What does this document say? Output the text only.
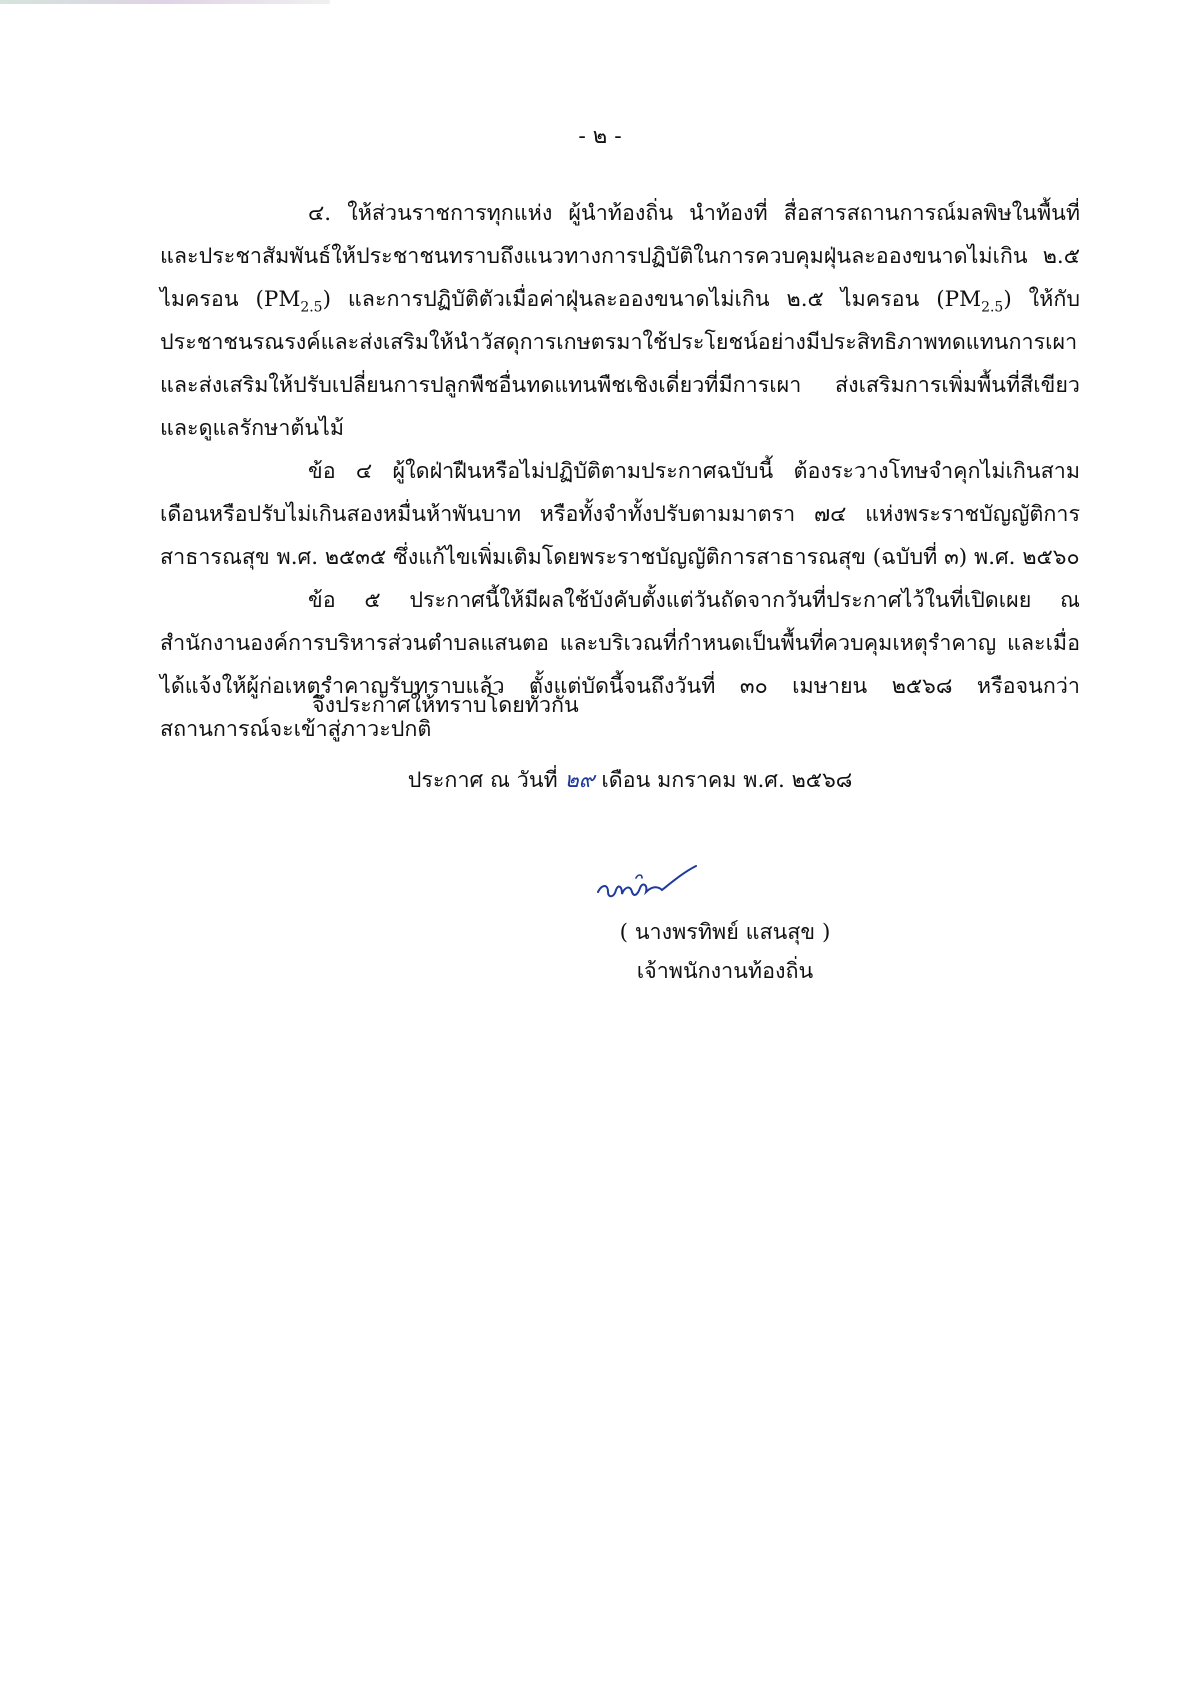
- ๒ -

๔. ให้ส่วนราชการทุกแห่ง ผู้นำท้องถิ่น นำท้องที่ สื่อสารสถานการณ์มลพิษในพื้นที่และประชาสัมพันธ์ให้ประชาชนทราบถึงแนวทางการปฏิบัติในการควบคุมฝุ่นละอองขนาดไม่เกิน ๒.๕ ไมครอน $(PM_{2.5})$ และการปฏิบัติตัวเมื่อค่าฝุ่นละอองขนาดไม่เกิน ๒.๕ ไมครอน $(PM_{2.5})$ ให้กับประชาชนรณรงค์และส่งเสริมให้นำวัสดุการเกษตรมาใช้ประโยชน์อย่างมีประสิทธิภาพทดแทนการเผา และส่งเสริมให้ปรับเปลี่ยนการปลูกพืชอื่นทดแทนพืชเชิงเดี่ยวที่มีการเผา ส่งเสริมการเพิ่มพื้นที่สีเขียว และดูแลรักษาต้นไม้

ข้อ ๔ ผู้ใดฝ่าฝืนหรือไม่ปฏิบัติตามประกาศฉบับนี้ ต้องระวางโทษจำคุกไม่เกินสามเดือนหรือปรับไม่เกินสองหมื่นห้าพันบาท หรือทั้งจำทั้งปรับตามมาตรา ๗๔ แห่งพระราชบัญญัติการสาธารณสุข พ.ศ. ๒๕๓๕ ซึ่งแก้ไขเพิ่มเติมโดยพระราชบัญญัติการสาธารณสุข (ฉบับที่ ๓) พ.ศ. ๒๕๖๐

ข้อ ๕ ประกาศนี้ให้มีผลใช้บังคับตั้งแต่วันถัดจากวันที่ประกาศไว้ในที่เปิดเผย ณ สำนักงานองค์การบริหารส่วนตำบลแสนตอ และบริเวณที่กำหนดเป็นพื้นที่ควบคุมเหตุรำคาญ และเมื่อได้แจ้งให้ผู้ก่อเหตุรำคาญรับทราบแล้ว ตั้งแต่บัดนี้จนถึงวันที่ ๓๐ เมษายน ๒๕๖๘ หรือจนกว่าสถานการณ์จะเข้าสู่ภาวะปกติ

จึงประกาศให้ทราบโดยทั่วกัน
ประกาศ ณ วันที่ ๒๙ เดือน มกราคม พ.ศ. ๒๕๖๘
( นางพรทิพย์ แสนสุข )
เจ้าพนักงานท้องถิ่น
